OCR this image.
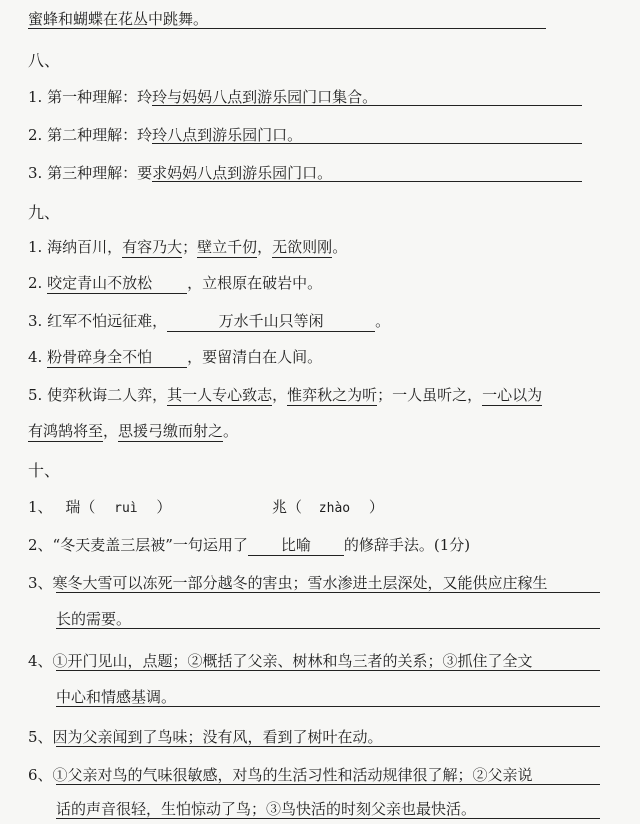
蜜蜂和蝴蝶在花丛中跳舞。
八、
1. 第一种理解：玲玲与妈妈八点到游乐园门口集合。
2. 第二种理解：玲玲八点到游乐园门口。
3. 第三种理解：要求妈妈八点到游乐园门口。
九、
1. 海纳百川，有容乃大；壁立千仞，无欲则刚。
2. 咬定青山不放松 ，立根原在破岩中。
3. 红军不怕远征难，	万水千山只等闲	。
4. 粉骨碎身全不怕 ，要留清白在人间。
5. 使弈秋诲二人弈，其一人专心致志，惟弈秋之为听；一人虽听之，一心以为
有鸿鹄将至，思援弓缴而射之。
十、
1、 瑞（ ruì ）	兆（ zhào ）
2、“冬天麦盖三层被”一句运用了 比喻 的修辞手法。(1分)
3、寒冬大雪可以冻死一部分越冬的害虫；雪水渗进土层深处，又能供应庄稼生
长的需要。
4、①开门见山，点题；②概括了父亲、树林和鸟三者的关系；③抓住了全文
中心和情感基调。
5、因为父亲闻到了鸟味；没有风，看到了树叶在动。
6、①父亲对鸟的气味很敏感，对鸟的生活习性和活动规律很了解；②父亲说
话的声音很轻，生怕惊动了鸟；③鸟快活的时刻父亲也最快活。
